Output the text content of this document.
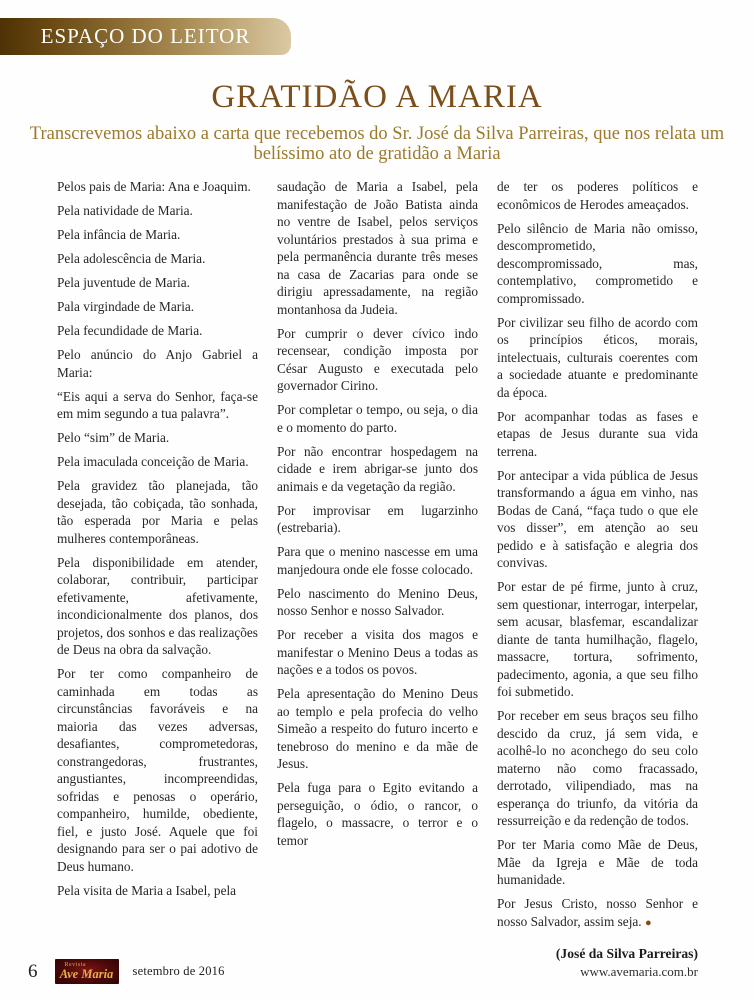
ESPAÇO DO LEITOR
GRATIDÃO A MARIA
Transcrevemos abaixo a carta que recebemos do Sr. José da Silva Parreiras, que nos relata um belíssimo ato de gratidão a Maria

Pelos pais de Maria: Ana e Joaquim.

Pela natividade de Maria.

Pela infância de Maria.

Pela adolescência de Maria.

Pela juventude de Maria.

Pala virgindade de Maria.

Pela fecundidade de Maria.

Pelo anúncio do Anjo Gabriel a Maria:

“Eis aqui a serva do Senhor, faça-se em mim segundo a tua palavra”.

Pelo “sim” de Maria.

Pela imaculada conceição de Maria.

Pela gravidez tão planejada, tão desejada, tão cobiçada, tão sonhada, tão esperada por Maria e pelas mulheres contemporâneas.

Pela disponibilidade em atender, colaborar, contribuir, participar efetivamente, afetivamente, incondicionalmente dos planos, dos projetos, dos sonhos e das realizações de Deus na obra da salvação.

Por ter como companheiro de caminhada em todas as circunstâncias favoráveis e na maioria das vezes adversas, desafiantes, comprometedoras, constrangedoras, frustrantes, angustiantes, incompreendidas, sofridas e penosas o operário, companheiro, humilde, obediente, fiel, e justo José. Aquele que foi designando para ser o pai adotivo de Deus humano.

Pela visita de Maria a Isabel, pela

saudação de Maria a Isabel, pela manifestação de João Batista ainda no ventre de Isabel, pelos serviços voluntários prestados à sua prima e pela permanência durante três meses na casa de Zacarias para onde se dirigiu apressadamente, na região montanhosa da Judeia.

Por cumprir o dever cívico indo recensear, condição imposta por César Augusto e executada pelo governador Cirino.

Por completar o tempo, ou seja, o dia e o momento do parto.

Por não encontrar hospedagem na cidade e irem abrigar-se junto dos animais e da vegetação da região.

Por improvisar em lugarzinho (estrebaria).

Para que o menino nascesse em uma manjedoura onde ele fosse colocado.

Pelo nascimento do Menino Deus, nosso Senhor e nosso Salvador.

Por receber a visita dos magos e manifestar o Menino Deus a todas as nações e a todos os povos.

Pela apresentação do Menino Deus ao templo e pela profecia do velho Simeão a respeito do futuro incerto e tenebroso do menino e da mãe de Jesus.

Pela fuga para o Egito evitando a perseguição, o ódio, o rancor, o flagelo, o massacre, o terror e o temor

de ter os poderes políticos e econômicos de Herodes ameaçados.

Pelo silêncio de Maria não omisso, descomprometido, descompromissado, mas, contemplativo, comprometido e compromissado.

Por civilizar seu filho de acordo com os princípios éticos, morais, intelectuais, culturais coerentes com a sociedade atuante e predominante da época.

Por acompanhar todas as fases e etapas de Jesus durante sua vida terrena.

Por antecipar a vida pública de Jesus transformando a água em vinho, nas Bodas de Caná, “faça tudo o que ele vos disser”, em atenção ao seu pedido e à satisfação e alegria dos convivas.

Por estar de pé firme, junto à cruz, sem questionar, interrogar, interpelar, sem acusar, blasfemar, escandalizar diante de tanta humilhação, flagelo, massacre, tortura, sofrimento, padecimento, agonia, a que seu filho foi submetido.

Por receber em seus braços seu filho descido da cruz, já sem vida, e acolhê-lo no aconchego do seu colo materno não como fracassado, derrotado, vilipendiado, mas na esperança do triunfo, da vitória da ressurreição e da redenção de todos.

Por ter Maria como Mãe de Deus, Mãe da Igreja e Mãe de toda humanidade.

Por Jesus Cristo, nosso Senhor e nosso Salvador, assim seja. ●

(José da Silva Parreiras)
6	Revista
Ave Maria setembro de 2016	www.avemaria.com.br
